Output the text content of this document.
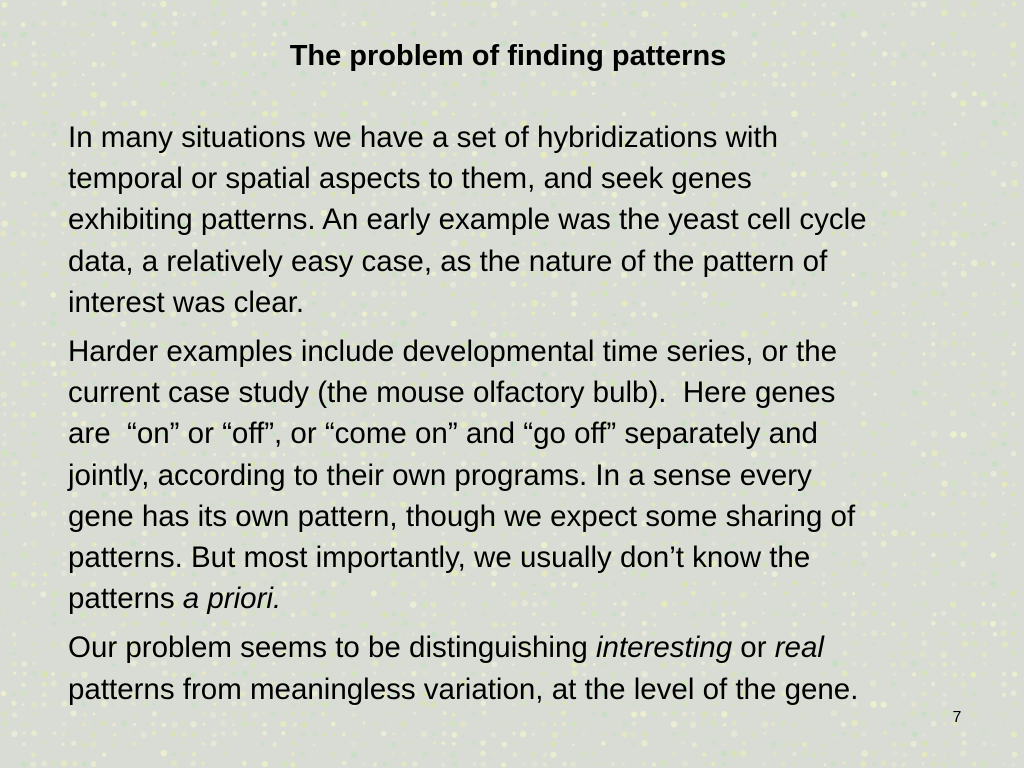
The problem of finding patterns
In many situations we have a set of hybridizations with
temporal or spatial aspects to them, and seek genes
exhibiting patterns. An early example was the yeast cell cycle
data, a relatively easy case, as the nature of the pattern of
interest was clear.
Harder examples include developmental time series, or the
current case study (the mouse olfactory bulb).  Here genes
are  “on” or “off”, or “come on” and “go off” separately and
jointly, according to their own programs. In a sense every
gene has its own pattern, though we expect some sharing of
patterns. But most importantly, we usually don’t know the
patterns a priori.
Our problem seems to be distinguishing interesting or real
patterns from meaningless variation, at the level of the gene.
7
